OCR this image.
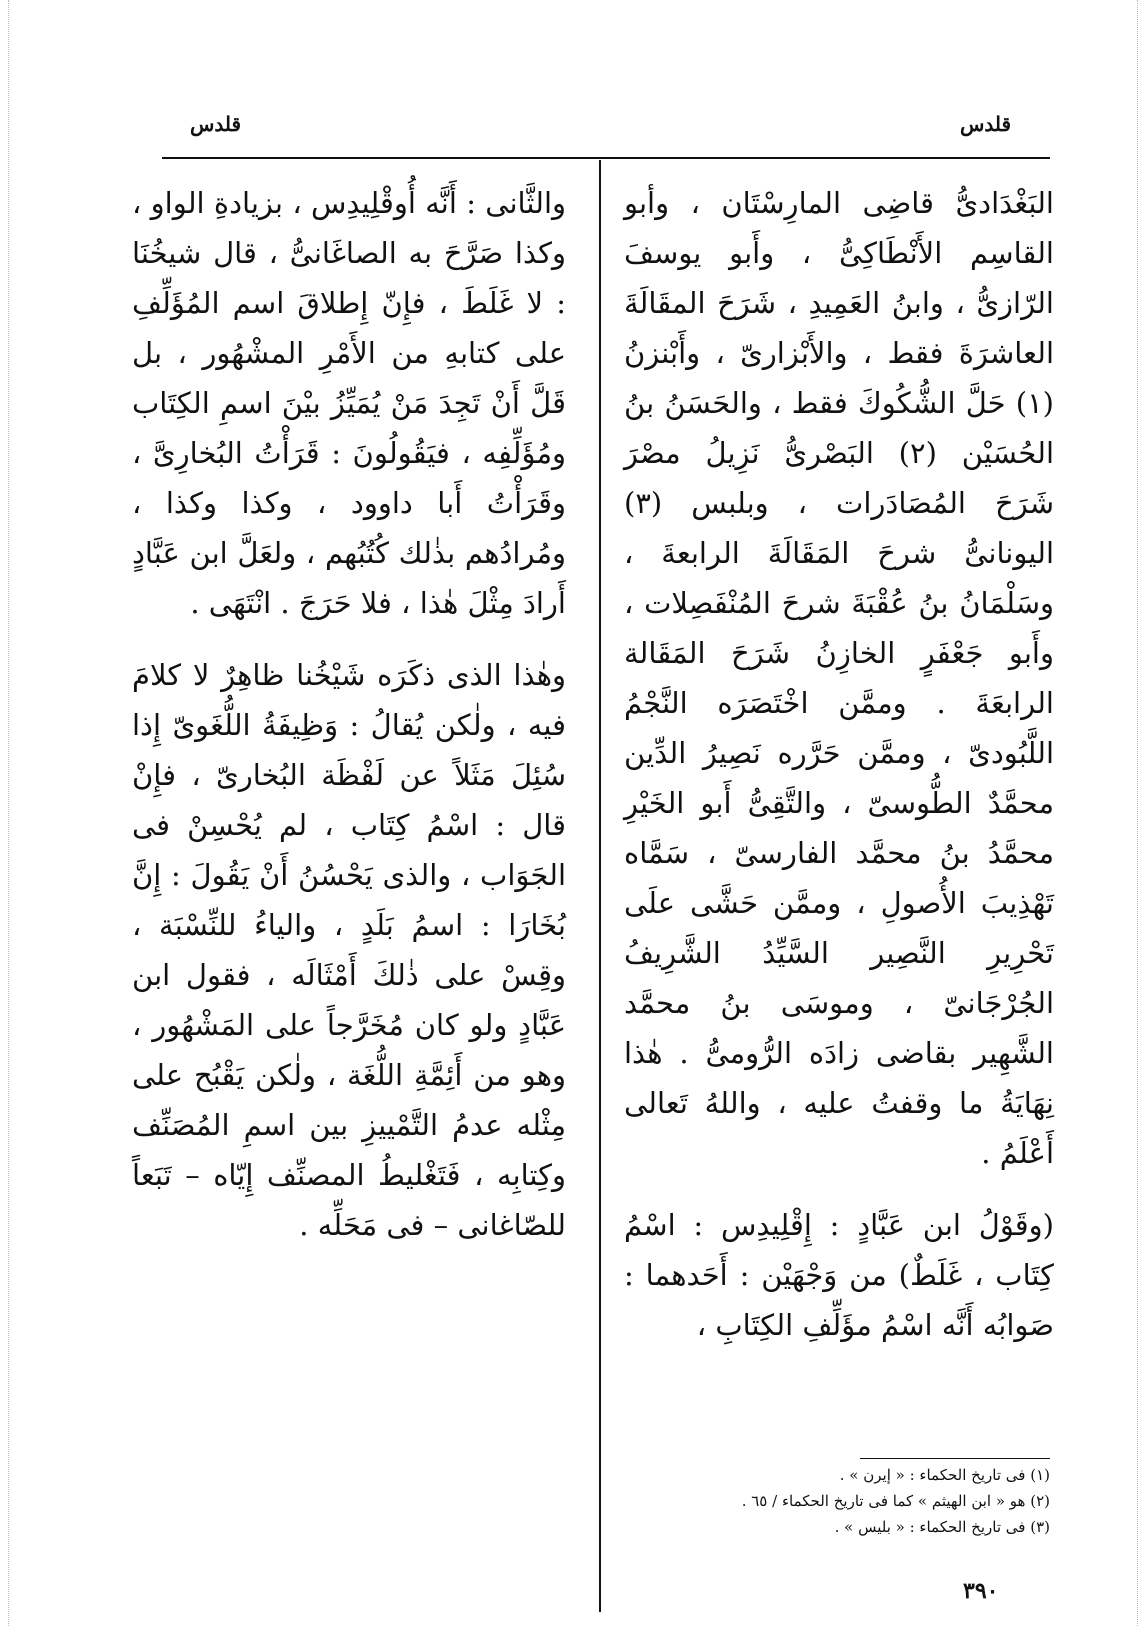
قلدس	قلدس

البَغْدَادىُّ قاضِى المارِسْتَان ، وأبو القاسِم الأَنْطَاكِىُّ ، وأَبو يوسفَ الرّازىُّ ، وابنُ العَمِيدِ ، شَرَحَ المقَالَةَ العاشرَةَ فقط ، والأَبْزارىّ ، وأَبْنزنُ (١) حَلَّ الشُّكُوكَ فقط ، والحَسَنُ بنُ الحُسَيْن (٢) البَصْرىُّ نَزِيلُ مصْرَ شَرَحَ المُصَادَرات ، وبلبس (٣) اليونانىُّ شرحَ المَقَالَةَ الرابعةَ ، وسَلْمَانُ بنُ عُقْبَةَ شرحَ المُنْفَصِلات ، وأَبو جَعْفَرٍ الخازِنُ شَرَحَ المَقَالة الرابعَةَ . وممَّن اخْتَصَرَه النَّجْمُ اللَّبُودىّ ، وممَّن حَرَّره نَصِيرُ الدِّين محمَّدٌ الطُّوسىّ ، والتَّقِىُّ أَبو الخَيْرِ محمَّدُ بنُ محمَّد الفارسىّ ، سَمَّاه تَهْذِيبَ الأُصولِ ، وممَّن حَشَّى علَى تَحْرِيرِ النَّصِير السَّيِّدُ الشَّرِيفُ الجُرْجَانىّ ، وموسَى بنُ محمَّد الشَّهِير بقاضى زادَه الرُّومىُّ . هٰذا نِهَايَةُ ما وقفتُ عليه ، واللهُ تَعالى أَعْلَمُ .

(وقَوْلُ ابن عَبَّادٍ : إِقْلِيدِس : اسْمُ كِتَاب ، غَلَطٌ) من وَجْهَيْن : أَحَدهما : صَوابُه أَنَّه اسْمُ مؤَلِّفِ الكِتَابِ ،

والثَّانى : أَنَّه أُوقْلِيدِس ، بزيادةِ الواو ، وكذا صَرَّحَ به الصاغَانىُّ ، قال شيخُنَا : لا غَلَطَ ، فإِنّ إِطلاقَ اسم المُؤَلِّفِ على كتابهِ من الأَمْرِ المشْهُور ، بل قَلَّ أَنْ تَجِدَ مَنْ يُمَيِّزُ بيْنَ اسمِ الكِتَاب ومُؤَلِّفِه ، فيَقُولُونَ : قَرَأْتُ البُخارِىَّ ، وقَرَأْتُ أَبا داوود ، وكذا وكذا ، ومُرادُهم بذٰلك كُتُبُهم ، ولعَلَّ ابن عَبَّادٍ أَرادَ مِثْلَ هٰذا ، فلا حَرَجَ . انْتَهَى .

وهٰذا الذى ذكَرَه شَيْخُنا ظاهِرٌ لا كلامَ فيه ، ولٰكن يُقالُ : وَظِيفَةُ اللُّغَوىّ إِذا سُئِلَ مَثَلاً عن لَفْظَة البُخارىّ ، فإِنْ قال : اسْمُ كِتَاب ، لم يُحْسِنْ فى الجَوَاب ، والذى يَحْسُنُ أَنْ يَقُولَ : إِنَّ بُخَارَا : اسمُ بَلَدٍ ، والياءُ للنِّسْبَة ، وقِسْ على ذٰلكَ أَمْثَالَه ، فقول ابن عَبَّادٍ ولو كان مُخَرَّجاً على المَشْهُور ، وهو من أَئِمَّةِ اللُّغَة ، ولٰكن يَقْبُح على مِثْله عدمُ التَّمْييزِ بين اسمِ المُصَنِّف وكِتابِه ، فَتَغْليطُ المصنِّف إِيّاه – تَبَعاً للصّاغانى – فى مَحَلِّه .

(١) فى تاريخ الحكماء : « إيرن » .

(٢) هو « ابن الهيثم » كما فى تاريخ الحكماء / ٦٥ .

(٣) فى تاريخ الحكماء : « بليس » .

٣٩٠
